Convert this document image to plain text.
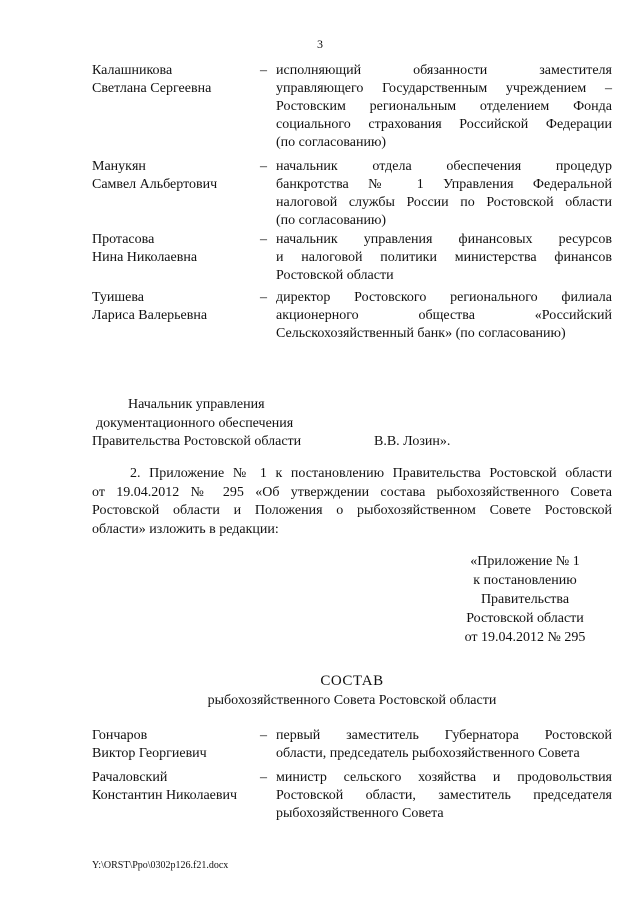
3
Калашникова
Светлана Сергеевна
– исполняющий обязанности заместителя
управляющего Государственным учреждением –
Ростовским региональным отделением Фонда
социального страхования Российской Федерации
(по согласованию)
Манукян
Самвел Альбертович
– начальник отдела обеспечения процедур
банкротства № 1 Управления Федеральной
налоговой службы России по Ростовской области
(по согласованию)
Протасова
Нина Николаевна
– начальник управления финансовых ресурсов
и налоговой политики министерства финансов
Ростовской области
Туишева
Лариса Валерьевна
– директор Ростовского регионального филиала
акционерного общества «Российский
Сельскохозяйственный банк» (по согласованию)
Начальник управления
документационного обеспечения
Правительства Ростовской области	В.В. Лозин».
2. Приложение № 1 к постановлению Правительства Ростовской области
от 19.04.2012 № 295 «Об утверждении состава рыбохозяйственного Совета
Ростовской области и Положения о рыбохозяйственном Совете Ростовской
области» изложить в редакции:
«Приложение № 1
к постановлению
Правительства
Ростовской области
от 19.04.2012 № 295
СОСТАВ
рыбохозяйственного Совета Ростовской области
Гончаров
Виктор Георгиевич
– первый заместитель Губернатора Ростовской
области, председатель рыбохозяйственного Совета
Рачаловский
Константин Николаевич
– министр сельского хозяйства и продовольствия
Ростовской области, заместитель председателя
рыбохозяйственного Совета
Y:\ORST\Ppo\0302p126.f21.docx
